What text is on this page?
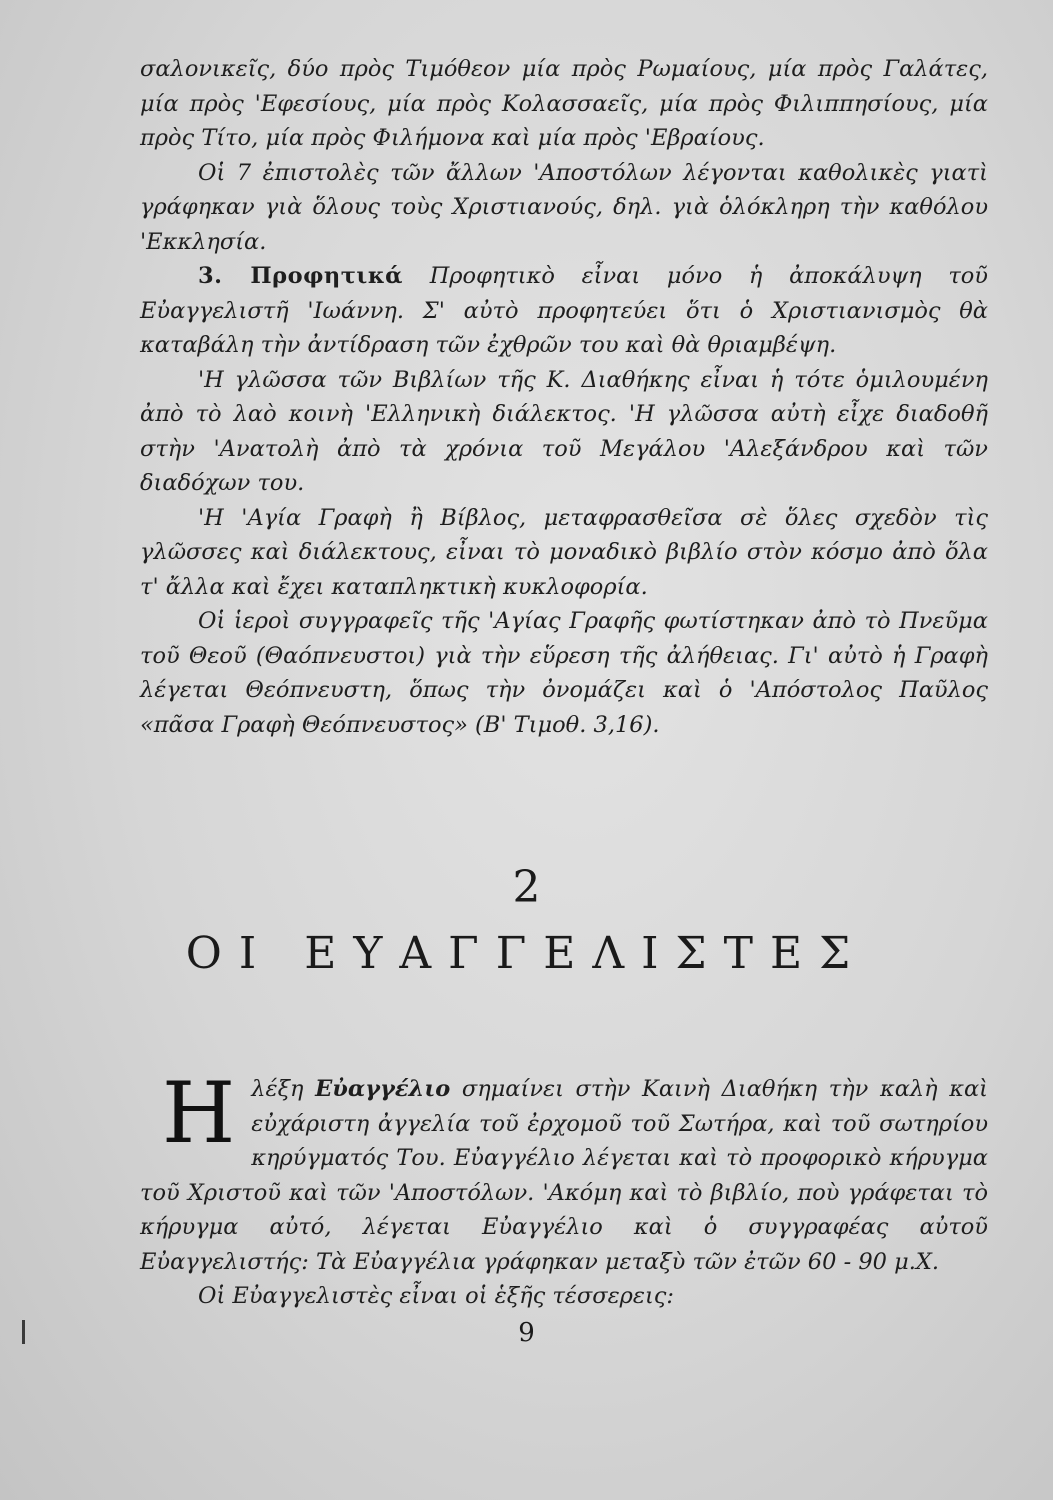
σαλονικεῖς, δύο πρὸς Τιμόθεον μία πρὸς Ρωμαίους, μία πρὸς Γαλάτες, μία πρὸς 'Εφεσίους, μία πρὸς Κολασσαεῖς, μία πρὸς Φιλιππησίους, μία πρὸς Τίτο, μία πρὸς Φιλήμονα καὶ μία πρὸς 'Εβραίους.

Οἱ 7 ἐπιστολὲς τῶν ἄλλων 'Αποστόλων λέγονται καθολικὲς γιατὶ γράφηκαν γιὰ ὅλους τοὺς Χριστιανούς, δηλ. γιὰ ὁλόκληρη τὴν καθόλου 'Εκκλησία.

3. Προφητικά Προφητικὸ εἶναι μόνο ἡ ἀποκάλυψη τοῦ Εὐαγγελιστῆ 'Ιωάννη. Σ' αὐτὸ προφητεύει ὅτι ὁ Χριστιανισμὸς θὰ καταβάλη τὴν ἀντίδραση τῶν ἐχθρῶν του καὶ θὰ θριαμβέψη.

'Η γλῶσσα τῶν Βιβλίων τῆς Κ. Διαθήκης εἶναι ἡ τότε ὁμιλουμένη ἀπὸ τὸ λαὸ κοινὴ 'Ελληνικὴ διάλεκτος. 'Η γλῶσσα αὐτὴ εἶχε διαδοθῆ στὴν 'Ανατολὴ ἀπὸ τὰ χρόνια τοῦ Μεγάλου 'Αλεξάνδρου καὶ τῶν διαδόχων του.

'Η 'Αγία Γραφὴ ἢ Βίβλος, μεταφρασθεῖσα σὲ ὅλες σχεδὸν τὶς γλῶσσες καὶ διάλεκτους, εἶναι τὸ μοναδικὸ βιβλίο στὸν κόσμο ἀπὸ ὅλα τ' ἄλλα καὶ ἔχει καταπληκτικὴ κυκλοφορία.

Οἱ ἱεροὶ συγγραφεῖς τῆς 'Αγίας Γραφῆς φωτίστηκαν ἀπὸ τὸ Πνεῦμα τοῦ Θεοῦ (Θαόπνευστοι) γιὰ τὴν εὕρεση τῆς ἀλήθειας. Γι' αὐτὸ ἡ Γραφὴ λέγεται Θεόπνευστη, ὅπως τὴν ὀνομάζει καὶ ὁ 'Απόστολος Παῦλος «πᾶσα Γραφὴ Θεόπνευστος» (Β' Τιμοθ. 3,16).

2
ΟΙ ΕΥΑΓΓΕΛΙΣΤΕΣ

Ηλέξη Εὐαγγέλιο σημαίνει στὴν Καινὴ Διαθήκη τὴν καλὴ καὶ εὐχάριστη ἀγγελία τοῦ ἐρχομοῦ τοῦ Σωτήρα, καὶ τοῦ σωτηρίου κηρύγματός Του. Εὐαγγέλιο λέγεται καὶ τὸ προφορικὸ κήρυγμα τοῦ Χριστοῦ καὶ τῶν 'Αποστόλων. 'Ακόμη καὶ τὸ βιβλίο, ποὺ γράφεται τὸ κήρυγμα αὐτό, λέγεται Εὐαγγέλιο καὶ ὁ συγγραφέας αὐτοῦ Εὐαγγελιστής: Τὰ Εὐαγγέλια γράφηκαν μεταξὺ τῶν ἐτῶν 60 - 90 μ.Χ.

Οἱ Εὐαγγελιστὲς εἶναι οἱ ἑξῆς τέσσερεις:

9
